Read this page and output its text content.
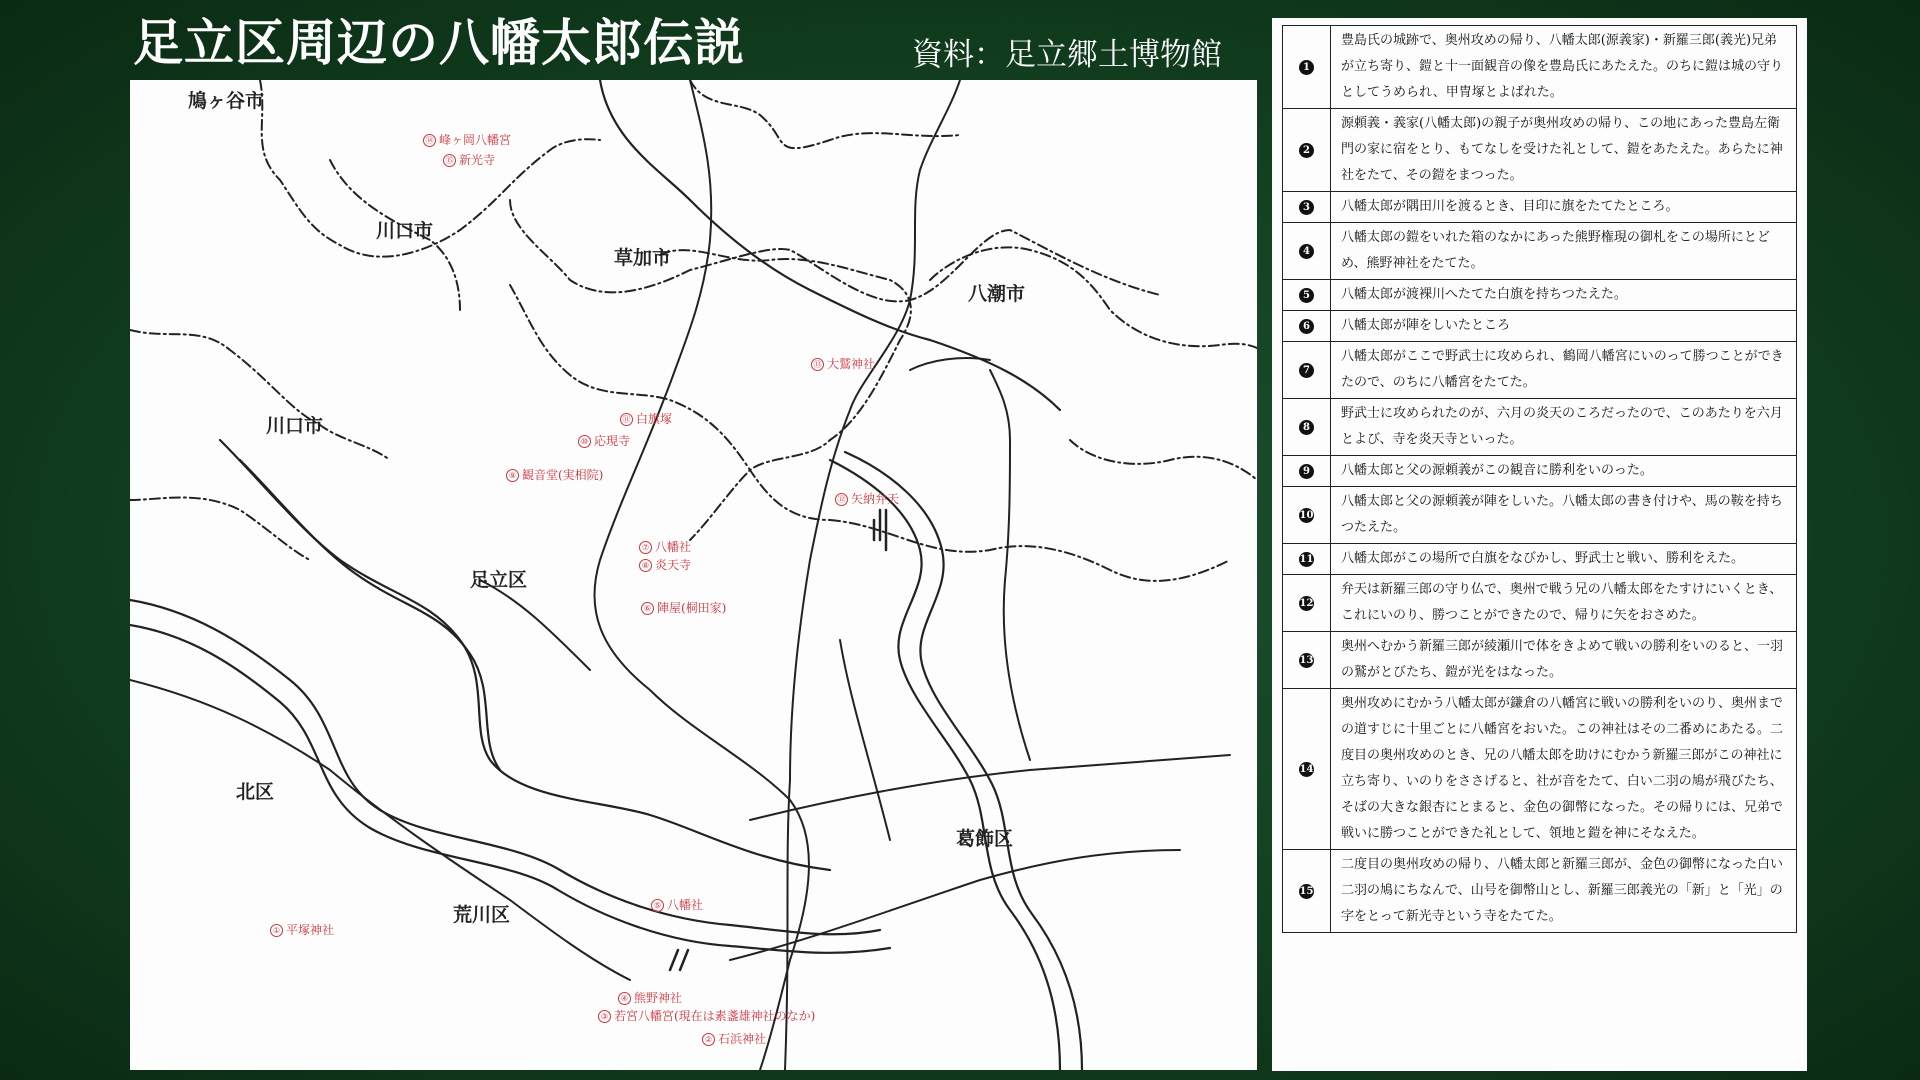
足立区周辺の八幡太郎伝説	資料：足立郷土博物館
鳩ヶ谷市
川口市
草加市
八潮市
川口市
足立区
北区
葛飾区
荒川区
⑭ 峰ヶ岡八幡宮
⑮ 新光寺
⑬ 大鷲神社
⑪ 白旗塚
⑩ 応現寺
⑨ 観音堂(実相院)
⑫ 矢納弁天
⑦ 八幡社
⑧ 炎天寺
⑥ 陣屋(桐田家)
⑤ 八幡社
① 平塚神社
④ 熊野神社
③ 若宮八幡宮(現在は素盞雄神社のなか)
② 石浜神社
1	豊島氏の城跡で、奥州攻めの帰り、八幡太郎(源義家)・新羅三郎(義光)兄弟が立ち寄り、鎧と十一面観音の像を豊島氏にあたえた。のちに鎧は城の守りとしてうめられ、甲冑塚とよばれた。
2	源頼義・義家(八幡太郎)の親子が奥州攻めの帰り、この地にあった豊島左衛門の家に宿をとり、もてなしを受けた礼として、鎧をあたえた。あらたに神社をたて、その鎧をまつった。
3	八幡太郎が隅田川を渡るとき、目印に旗をたてたところ。
4	八幡太郎の鎧をいれた箱のなかにあった熊野権現の御札をこの場所にとどめ、熊野神社をたてた。
5	八幡太郎が渡裸川へたてた白旗を持ちつたえた。
6	八幡太郎が陣をしいたところ
7	八幡太郎がここで野武士に攻められ、鶴岡八幡宮にいのって勝つことができたので、のちに八幡宮をたてた。
8	野武士に攻められたのが、六月の炎天のころだったので、このあたりを六月とよび、寺を炎天寺といった。
9	八幡太郎と父の源頼義がこの観音に勝利をいのった。
10	八幡太郎と父の源頼義が陣をしいた。八幡太郎の書き付けや、馬の鞍を持ちつたえた。
11	八幡太郎がこの場所で白旗をなびかし、野武士と戦い、勝利をえた。
12	弁天は新羅三郎の守り仏で、奥州で戦う兄の八幡太郎をたすけにいくとき、これにいのり、勝つことができたので、帰りに矢をおさめた。
13	奥州へむかう新羅三郎が綾瀬川で体をきよめて戦いの勝利をいのると、一羽の鷲がとびたち、鎧が光をはなった。
14	奥州攻めにむかう八幡太郎が鎌倉の八幡宮に戦いの勝利をいのり、奥州までの道すじに十里ごとに八幡宮をおいた。この神社はその二番めにあたる。二度目の奥州攻めのとき、兄の八幡太郎を助けにむかう新羅三郎がこの神社に立ち寄り、いのりをささげると、社が音をたて、白い二羽の鳩が飛びたち、そばの大きな銀杏にとまると、金色の御幣になった。その帰りには、兄弟で戦いに勝つことができた礼として、領地と鎧を神にそなえた。
15	二度目の奥州攻めの帰り、八幡太郎と新羅三郎が、金色の御幣になった白い二羽の鳩にちなんで、山号を御幣山とし、新羅三郎義光の「新」と「光」の字をとって新光寺という寺をたてた。
